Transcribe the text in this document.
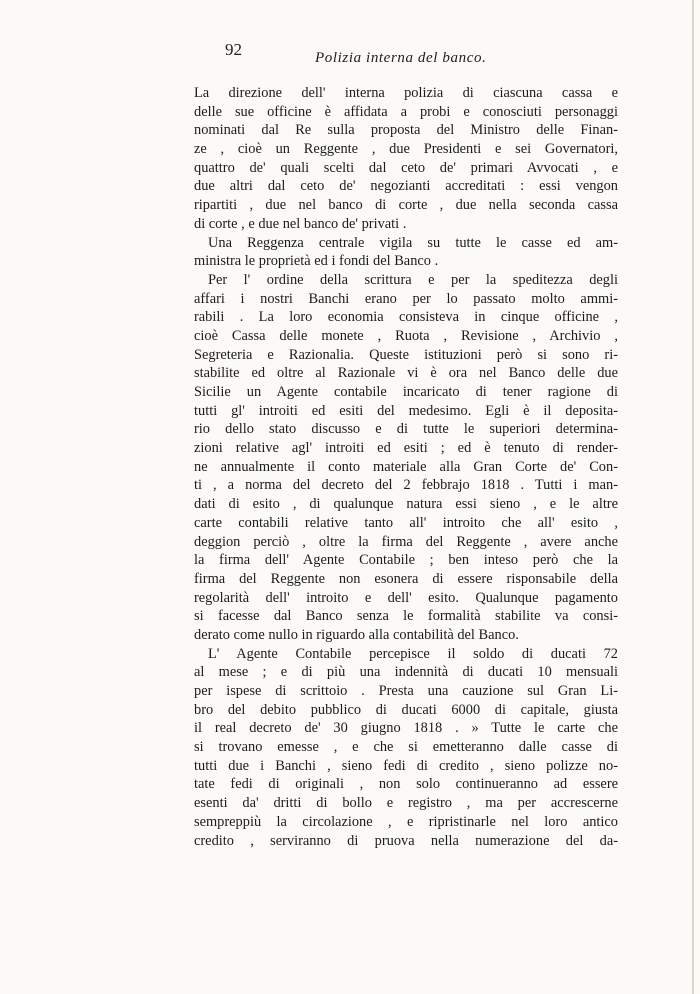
92	Polizia interna del banco.
La direzione dell' interna polizia di ciascuna cassa e
delle sue officine è affidata a probi e conosciuti personaggi
nominati dal Re sulla proposta del Ministro delle Finan-
ze , cioè un Reggente , due Presidenti e sei Governatori,
quattro de' quali scelti dal ceto de' primari Avvocati , e
due altri dal ceto de' negoziantі accreditati : essi vengon
ripartiti , due nel banco di corte , due nella seconda cassa
di corte , e due nel banco de' privati .
Una Reggenza centrale vigila su tutte le casse ed am-
ministra le proprietà ed i fondi del Banco .
Per l' ordine della scrittura e per la speditezza degli
affari i nostri Banchi erano per lo passato molto ammi-
rabili . La loro economia consisteva in cinque officine ,
cioè Cassa delle monete , Ruota , Revisione , Archivio ,
Segreteria e Razionalia. Queste istituzioni però si sono ri-
stabilite ed oltre al Razionale vi è ora nel Banco delle due
Sicilie un Agente contabile incaricato di tener ragione di
tutti gl' introiti ed esiti del medesimo. Egli è il deposita-
rio dello stato discusso e di tutte le superiori determina-
zioni relative agl' introiti ed esiti ; ed è tenuto di render-
ne annualmente il conto materiale alla Gran Corte de' Con-
ti , a norma del decreto del 2 febbrajo 1818 . Tutti i man-
dati di esito , di qualunque natura essi sieno , e le altre
carte contabili relative tanto all' introito che all' esito ,
deggion perciò , oltre la firma del Reggente , avere anche
la firma dell' Agente Contabile ; ben inteso però che la
firma del Reggente non esonera di essere risponsabile della
regolarità dell' introito e dell' esito. Qualunque pagamento
si facesse dal Banco senza le formalità stabilite va consi-
derato come nullo in riguardo alla contabilità del Banco.
L' Agente Contabile percepisce il soldo di ducati 72
al mese ; e di più una indennità di ducati 10 mensuali
per ispese di scrittoio . Presta una cauzione sul Gran Li-
bro del debito pubblico di ducati 6000 di capitale, giusta
il real decreto de' 30 giugno 1818 . » Tutte le carte che
si trovano emesse , e che si emetteranno dalle casse di
tutti due i Banchi , sieno fedi di credito , sieno polizze no-
tate fedi di originali , non solo continueranno ad essere
esenti da' dritti di bollo e registro , ma per accrescerne
sempreppiù la circolazione , e ripristinarle nel loro antico
credito , serviranno di pruova nella numerazione del da-
